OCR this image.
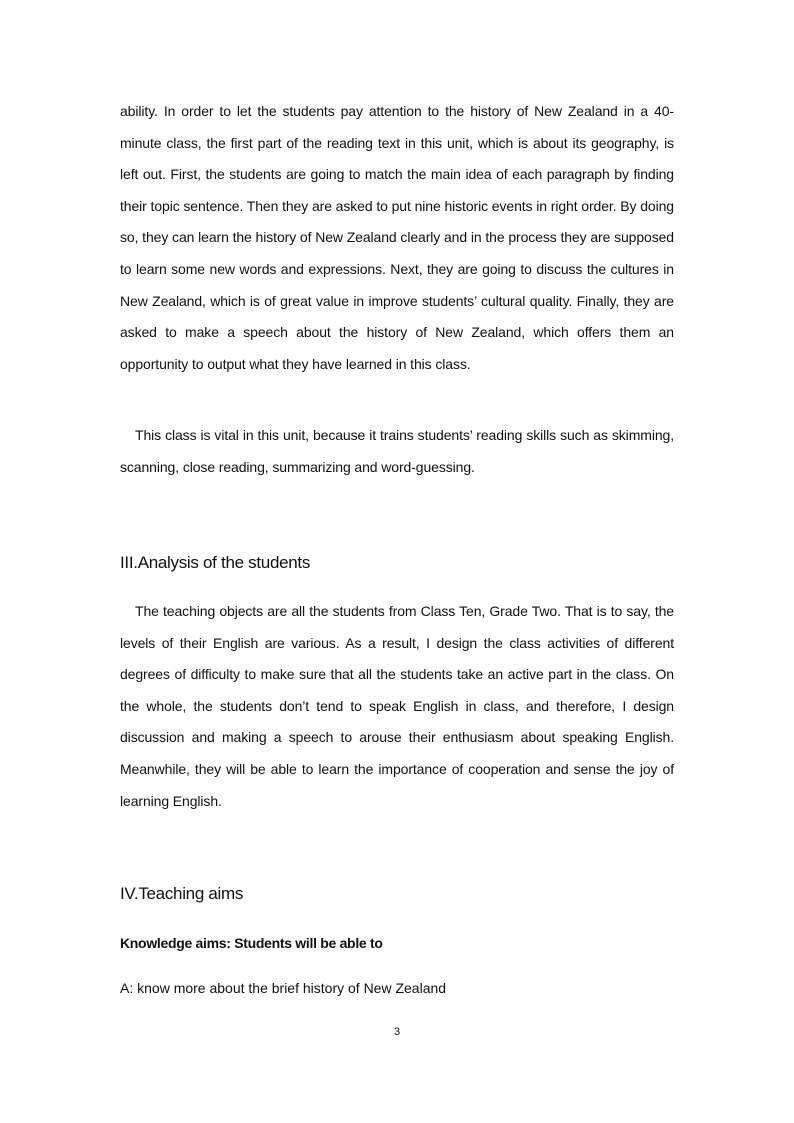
ability. In order to let the students pay attention to the history of New Zealand in a 40-minute class, the first part of the reading text in this unit, which is about its geography, is left out. First, the students are going to match the main idea of each paragraph by finding their topic sentence. Then they are asked to put nine historic events in right order. By doing so, they can learn the history of New Zealand clearly and in the process they are supposed to learn some new words and expressions. Next, they are going to discuss the cultures in New Zealand, which is of great value in improve students’ cultural quality. Finally, they are asked to make a speech about the history of New Zealand, which offers them an opportunity to output what they have learned in this class.

This class is vital in this unit, because it trains students’ reading skills such as skimming, scanning, close reading, summarizing and word-guessing.

III.Analysis of the students

The teaching objects are all the students from Class Ten, Grade Two. That is to say, the levels of their English are various. As a result, I design the class activities of different degrees of difficulty to make sure that all the students take an active part in the class. On the whole, the students don’t tend to speak English in class, and therefore, I design discussion and making a speech to arouse their enthusiasm about speaking English. Meanwhile, they will be able to learn the importance of cooperation and sense the joy of learning English.

IV.Teaching aims
Knowledge aims: Students will be able to

A: know more about the brief history of New Zealand

3
